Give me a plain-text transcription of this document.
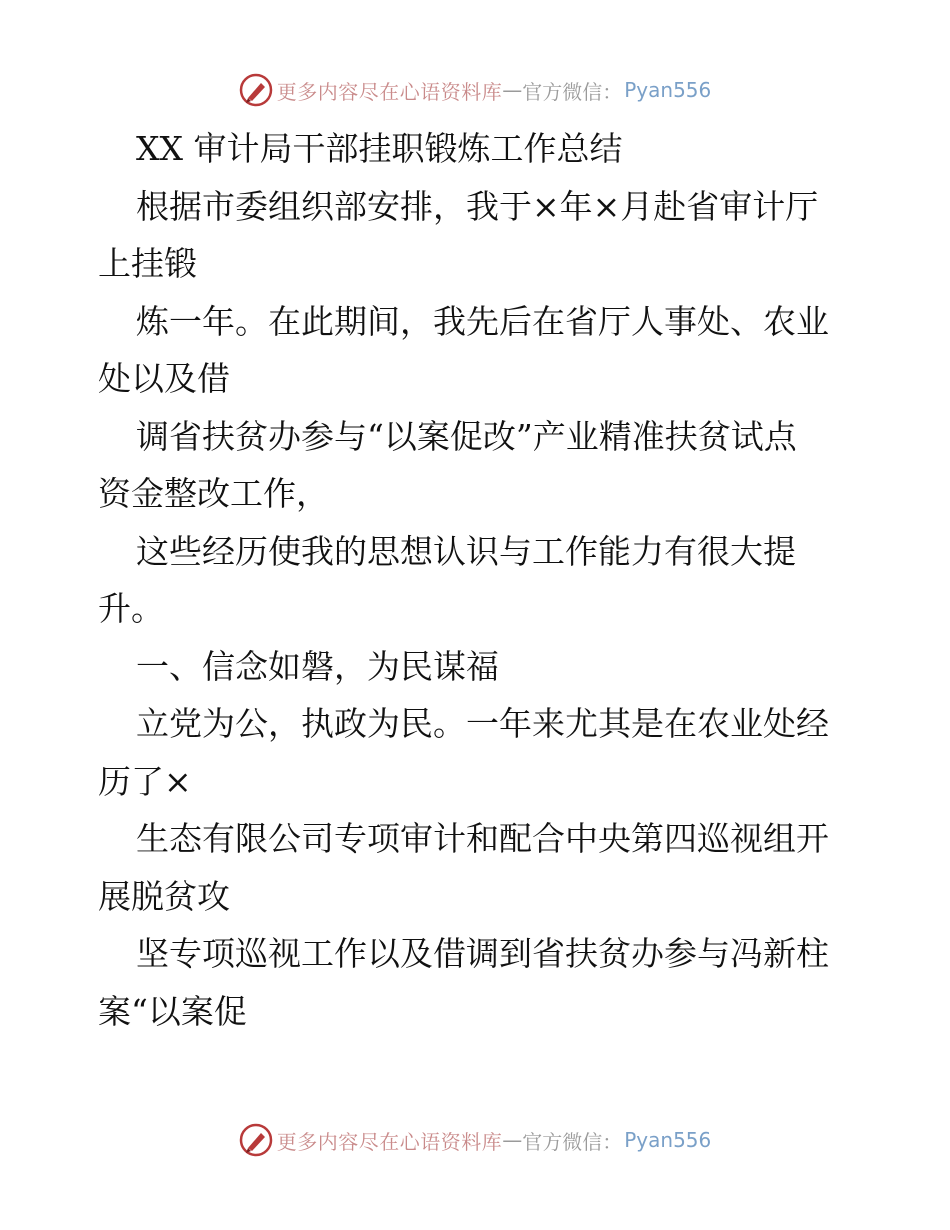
更多内容尽在心语资料库 — 官方微信： Pyan556

XX 审计局干部挂职锻炼工作总结

根据市委组织部安排，我于×年×月赴省审计厅

上挂锻

炼一年。在此期间，我先后在省厅人事处、农业

处以及借

调省扶贫办参与“以案促改”产业精准扶贫试点

资金整改工作，

这些经历使我的思想认识与工作能力有很大提

升。

一、信念如磐，为民谋福

立党为公，执政为民。一年来尤其是在农业处经

历了×

生态有限公司专项审计和配合中央第四巡视组开

展脱贫攻

坚专项巡视工作以及借调到省扶贫办参与冯新柱

案“以案促

更多内容尽在心语资料库 — 官方微信： Pyan556
